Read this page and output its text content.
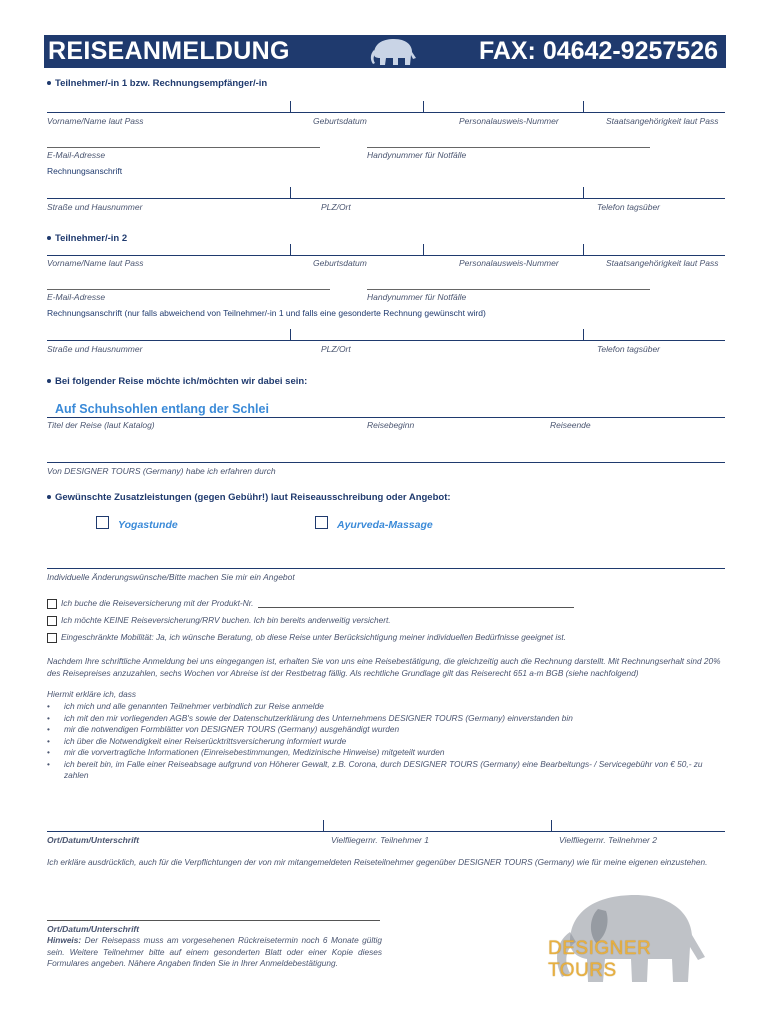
REISEANMELDUNG	FAX: 04642-9257526
Teilnehmer/-in 1 bzw. Rechnungsempfänger/-in
Vorname/Name laut Pass	Geburtsdatum	Personalausweis-Nummer	Staatsangehörigkeit laut Pass
E-Mail-Adresse	Handynummer für Notfälle
Rechnungsanschrift
Straße und Hausnummer	PLZ/Ort	Telefon tagsüber
Teilnehmer/-in 2
Vorname/Name laut Pass	Geburtsdatum	Personalausweis-Nummer	Staatsangehörigkeit laut Pass
E-Mail-Adresse	Handynummer für Notfälle
Rechnungsanschrift (nur falls abweichend von Teilnehmer/-in 1 und falls eine gesonderte Rechnung gewünscht wird)
Straße und Hausnummer	PLZ/Ort	Telefon tagsüber
Bei folgender Reise möchte ich/möchten wir dabei sein:
Auf Schuhsohlen entlang der Schlei
Titel der Reise (laut Katalog)	Reisebeginn	Reiseende
Von DESIGNER TOURS (Germany) habe ich erfahren durch
Gewünschte Zusatzleistungen (gegen Gebühr!) laut Reiseausschreibung oder Angebot:
Yogastunde	Ayurveda-Massage
Individuelle Änderungswünsche/Bitte machen Sie mir ein Angebot
Ich buche die Reiseversicherung mit der Produkt-Nr.
Ich möchte KEINE Reiseversicherung/RRV buchen. Ich bin bereits anderweitig versichert.
Eingeschränkte Mobilität: Ja, ich wünsche Beratung, ob diese Reise unter Berücksichtigung meiner individuellen Bedürfnisse geeignet ist.
Nachdem Ihre schriftliche Anmeldung bei uns eingegangen ist, erhalten Sie von uns eine Reisebestätigung, die gleichzeitig auch die Rechnung darstellt. Mit Rechnungserhalt sind 20% des Reisepreises anzuzahlen, sechs Wochen vor Abreise ist der Restbetrag fällig. Als rechtliche Grundlage gilt das Reiserecht 651 a-m BGB (siehe nachfolgend)
Hiermit erkläre ich, dass
•	ich mich und alle genannten Teilnehmer verbindlich zur Reise anmelde
•	ich mit den mir vorliegenden AGB's sowie der Datenschutzerklärung des Unternehmens DESIGNER TOURS (Germany) einverstanden bin
•	mir die notwendigen Formblätter von DESIGNER TOURS (Germany) ausgehändigt wurden
•	ich über die Notwendigkeit einer Reiserücktrittsversicherung informiert wurde
•	mir die vorvertragliche Informationen (Einreisebestimmungen, Medizinische Hinweise) mitgeteilt wurden
•	ich bereit bin, im Falle einer Reiseabsage aufgrund von Höherer Gewalt, z.B. Corona, durch DESIGNER TOURS (Germany) eine Bearbeitungs- / Servicegebühr von € 50,- zu zahlen
Ort/Datum/Unterschrift	Vielfliegernr. Teilnehmer 1	Vielfliegernr. Teilnehmer 2
Ich erkläre ausdrücklich, auch für die Verpflichtungen der von mir mitangemeldeten Reiseteilnehmer gegenüber DESIGNER TOURS (Germany) wie für meine eigenen einzustehen.
Ort/Datum/Unterschrift
Hinweis: Der Reisepass muss am vorgesehenen Rückreisetermin noch 6 Monate gültig sein. Weitere Teilnehmer bitte auf einem gesonderten Blatt oder einer Kopie dieses Formulares angeben. Nähere Angaben finden Sie in Ihrer Anmeldebestätigung.
DESIGNER TOURS
